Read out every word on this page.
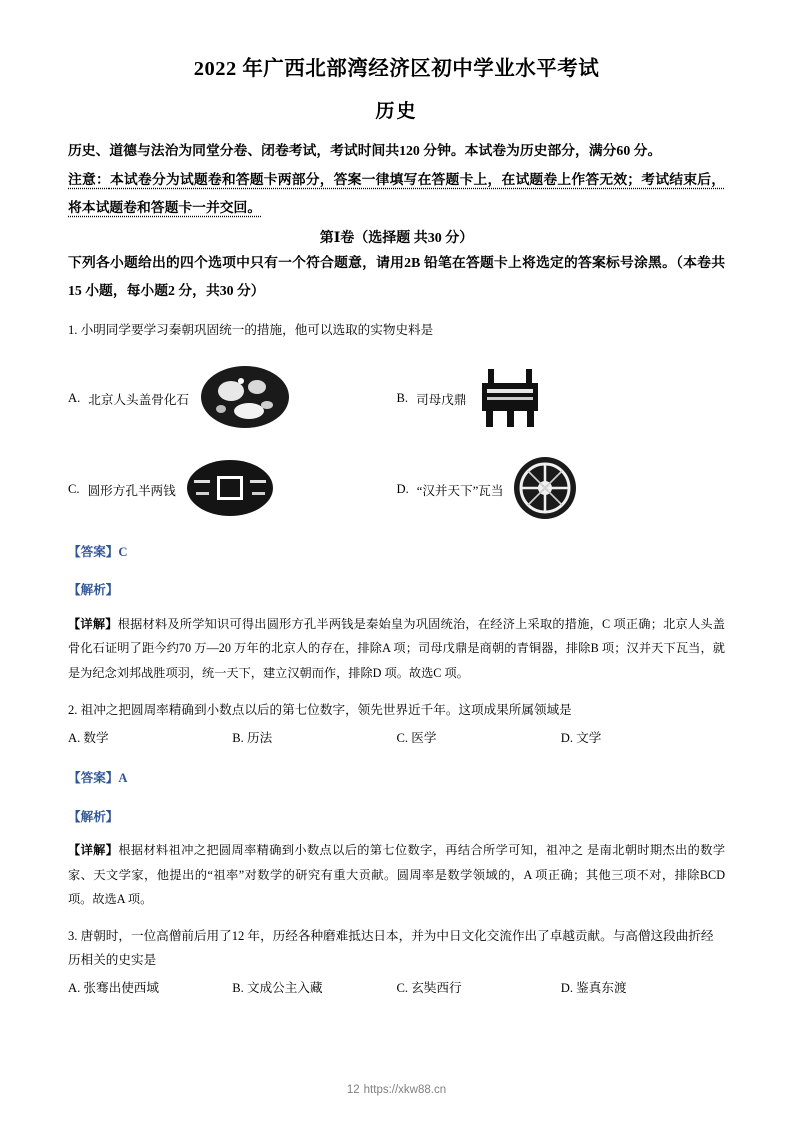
2022 年广西北部湾经济区初中学业水平考试
历史

历史、道德与法治为同堂分卷、闭卷考试，考试时间共120 分钟。本试卷为历史部分，满分60 分。

注意：本试卷分为试题卷和答题卡两部分，答案一律填写在答题卡上，在试题卷上作答无效；考试结束后，将本试题卷和答题卡一并交回。

第Ⅰ卷（选择题 共30 分）

下列各小题给出的四个选项中只有一个符合题意，请用2B 铅笔在答题卡上将选定的答案标号涂黑。（本卷共15 小题，每小题2 分，共30 分）

1. 小明同学要学习秦朝巩固统一的措施，他可以选取的实物史料是

A. 北京人头盖骨化石	B. 司母戊鼎
C. 圆形方孔半两钱	D. “汉并天下”瓦当

【答案】C

【解析】

【详解】根据材料及所学知识可得出圆形方孔半两钱是秦始皇为巩固统治，在经济上采取的措施，C 项正确；北京人头盖骨化石证明了距今约70 万—20 万年的北京人的存在，排除A 项；司母戊鼎是商朝的青铜器，排除B 项；汉并天下瓦当，就是为纪念刘邦战胜项羽，统一天下，建立汉朝而作，排除D 项。故选C 项。

2. 祖冲之把圆周率精确到小数点以后的第七位数字，领先世界近千年。这项成果所属领域是

A. 数学	B. 历法	C. 医学	D. 文学

【答案】A

【解析】

【详解】根据材料祖冲之把圆周率精确到小数点以后的第七位数字，再结合所学可知，祖冲之 是南北朝时期杰出的数学家、天文学家，他提出的“祖率”对数学的研究有重大贡献。圆周率是数学领域的，A 项正确；其他三项不对，排除BCD 项。故选A 项。

3. 唐朝时，一位高僧前后用了12 年，历经各种磨难抵达日本，并为中日文化交流作出了卓越贡献。与高僧这段曲折经历相关的史实是

A. 张骞出使西域	B. 文成公主入藏	C. 玄奘西行	D. 鉴真东渡
12 https://xkw88.cn
